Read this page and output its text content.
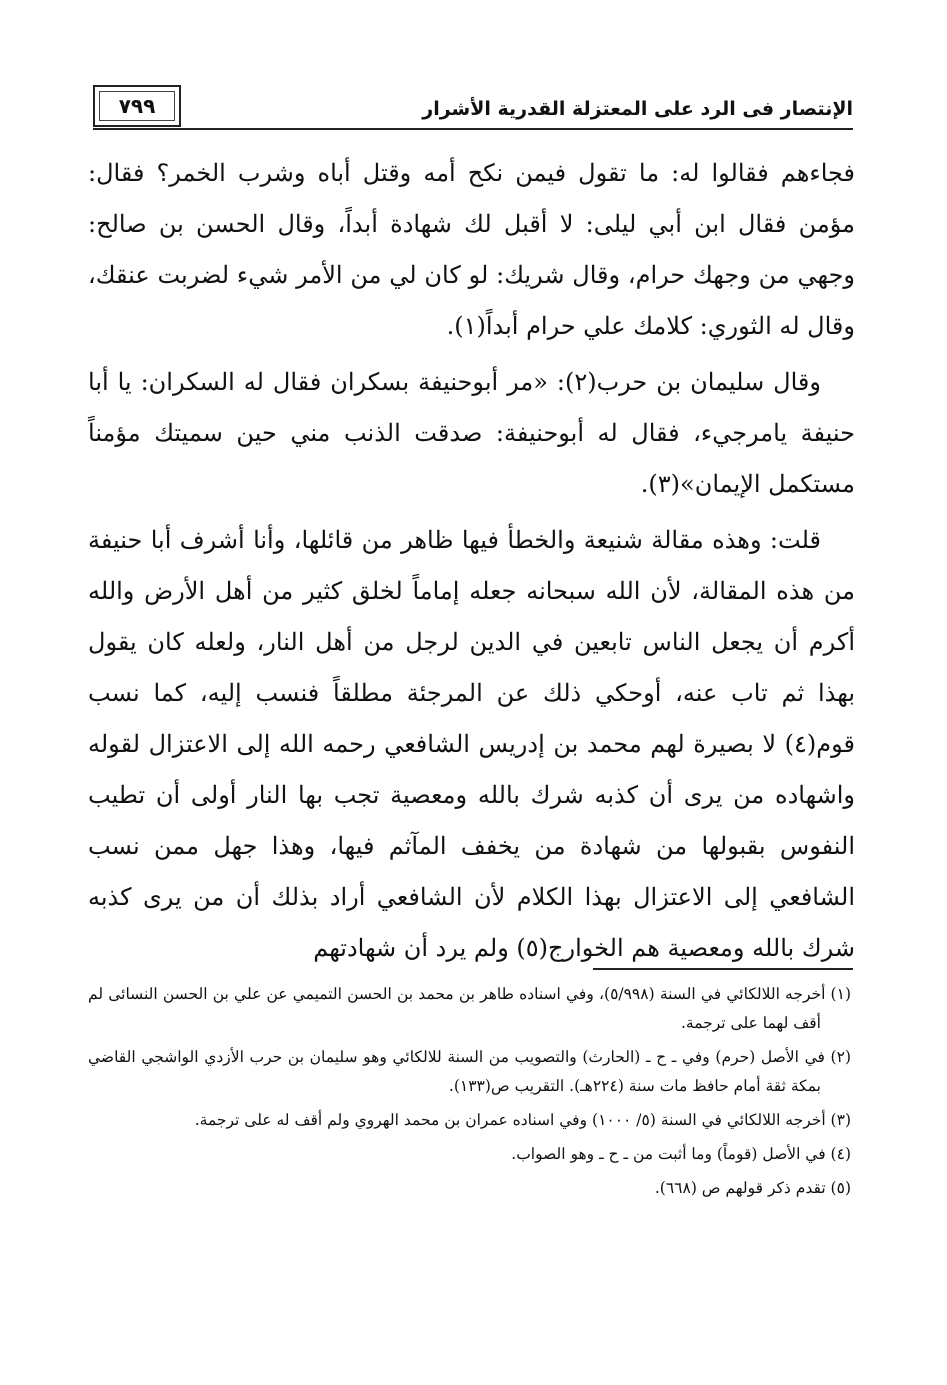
٧٩٩	الإنتصار فى الرد على المعتزلة القدرية الأشرار

فجاءهم فقالوا له: ما تقول فيمن نكح أمه وقتل أباه وشرب الخمر؟ فقال: مؤمن فقال ابن أبي ليلى: لا أقبل لك شهادة أبداً، وقال الحسن بن صالح: وجهي من وجهك حرام، وقال شريك: لو كان لي من الأمر شيء لضربت عنقك، وقال له الثوري: كلامك علي حرام أبداً(١).

وقال سليمان بن حرب(٢): «مر أبوحنيفة بسكران فقال له السكران: يا أبا حنيفة يامرجيء، فقال له أبوحنيفة: صدقت الذنب مني حين سميتك مؤمناً مستكمل الإيمان»(٣).

قلت: وهذه مقالة شنيعة والخطأ فيها ظاهر من قائلها، وأنا أشرف أبا حنيفة من هذه المقالة، لأن الله سبحانه جعله إماماً لخلق كثير من أهل الأرض والله أكرم أن يجعل الناس تابعين في الدين لرجل من أهل النار، ولعله كان يقول بهذا ثم تاب عنه، أوحكي ذلك عن المرجئة مطلقاً فنسب إليه، كما نسب قوم(٤) لا بصيرة لهم محمد بن إدريس الشافعي رحمه الله إلى الاعتزال لقوله واشهاده من يرى أن كذبه شرك بالله ومعصية تجب بها النار أولى أن تطيب النفوس بقبولها من شهادة من يخفف المآثم فيها، وهذا جهل ممن نسب الشافعي إلى الاعتزال بهذا الكلام لأن الشافعي أراد بذلك أن من يرى كذبه شرك بالله ومعصية هم الخوارج(٥) ولم يرد أن شهادتهم

(١) أخرجه اللالكائي في السنة (٥/٩٩٨)، وفي اسناده طاهر بن محمد بن الحسن التميمي عن علي بن الحسن النسائى لم أقف لهما على ترجمة.

(٢) في الأصل (حرم) وفي ـ ح ـ (الحارث) والتصويب من السنة للالكائي وهو سليمان بن حرب الأزدي الواشجي القاضي بمكة ثقة أمام حافظ مات سنة (٢٢٤هـ). التقريب ص(١٣٣).

(٣) أخرجه اللالكائي في السنة (٥/ ١٠٠٠) وفي اسناده عمران بن محمد الهروي ولم أقف له على ترجمة.

(٤) في الأصل (قوماً) وما أثبت من ـ ح ـ وهو الصواب.

(٥) تقدم ذكر قولهم ص (٦٦٨).
